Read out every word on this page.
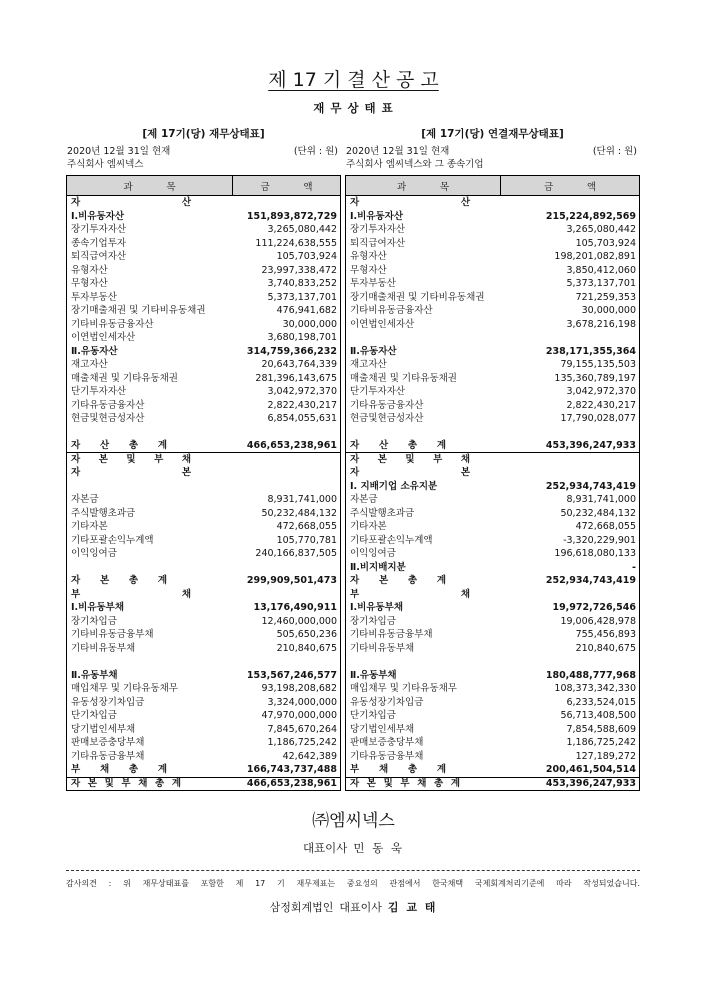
제 17 기 결 산 공 고
재 무 상 태 표
[제 17기(당) 재무상태표]
2020년 12월 31일 현재	(단위 : 원)
주식회사 엠씨넥스
과 목	금 액
자 산
Ⅰ.비유동자산	151,893,872,729
장기투자자산	3,265,080,442
종속기업투자	111,224,638,555
퇴직급여자산	105,703,924
유형자산	23,997,338,472
무형자산	3,740,833,252
투자부동산	5,373,137,701
장기매출채권 및 기타비유동채권	476,941,682
기타비유동금융자산	30,000,000
이연법인세자산	3,680,198,701
Ⅱ.유동자산	314,759,366,232
재고자산	20,643,764,339
매출채권 및 기타유동채권	281,396,143,675
단기투자자산	3,042,972,370
기타유동금융자산	2,822,430,217
현금및현금성자산	6,854,055,631
자 산 총 계	466,653,238,961
자 본 및 부 채
자 본
자본금	8,931,741,000
주식발행초과금	50,232,484,132
기타자본	472,668,055
기타포괄손익누계액	105,770,781
이익잉여금	240,166,837,505
자 본 총 계	299,909,501,473
부 채
Ⅰ.비유동부채	13,176,490,911
장기차입금	12,460,000,000
기타비유동금융부채	505,650,236
기타비유동부채	210,840,675
Ⅱ.유동부채	153,567,246,577
매입채무 및 기타유동채무	93,198,208,682
유동성장기차입금	3,324,000,000
단기차입금	47,970,000,000
당기법인세부채	7,845,670,264
판매보증충당부채	1,186,725,242
기타유동금융부채	42,642,389
부 채 총 계	166,743,737,488
자 본 및 부 채 총 계	466,653,238,961
[제 17기(당) 연결재무상태표]
2020년 12월 31일 현재	(단위 : 원)
주식회사 엠씨넥스와 그 종속기업
과 목	금 액
자 산
Ⅰ.비유동자산	215,224,892,569
장기투자자산	3,265,080,442
퇴직급여자산	105,703,924
유형자산	198,201,082,891
무형자산	3,850,412,060
투자부동산	5,373,137,701
장기매출채권 및 기타비유동채권	721,259,353
기타비유동금융자산	30,000,000
이연법인세자산	3,678,216,198
Ⅱ.유동자산	238,171,355,364
재고자산	79,155,135,503
매출채권 및 기타유동채권	135,360,789,197
단기투자자산	3,042,972,370
기타유동금융자산	2,822,430,217
현금및현금성자산	17,790,028,077
자 산 총 계	453,396,247,933
자 본 및 부 채
자 본
Ⅰ. 지배기업 소유지분	252,934,743,419
자본금	8,931,741,000
주식발행초과금	50,232,484,132
기타자본	472,668,055
기타포괄손익누계액	-3,320,229,901
이익잉여금	196,618,080,133
Ⅱ.비지배지분	-
자 본 총 계	252,934,743,419
부 채
Ⅰ.비유동부채	19,972,726,546
장기차입금	19,006,428,978
기타비유동금융부채	755,456,893
기타비유동부채	210,840,675
Ⅱ.유동부채	180,488,777,968
매입채무 및 기타유동채무	108,373,342,330
유동성장기차입금	6,233,524,015
단기차입금	56,713,408,500
당기법인세부채	7,854,588,609
판매보증충당부채	1,186,725,242
기타유동금융부채	127,189,272
부 채 총 계	200,461,504,514
자 본 및 부 채 총 계	453,396,247,933
㈜엠씨넥스
대표이사 민 동 욱
감사의견 : 위 재무상태표를 포함한 제 17 기 재무제표는 중요성의 관점에서 한국채택 국제회계처리기준에 따라 작성되었습니다.
삼정회계법인 대표이사 김 교 태
